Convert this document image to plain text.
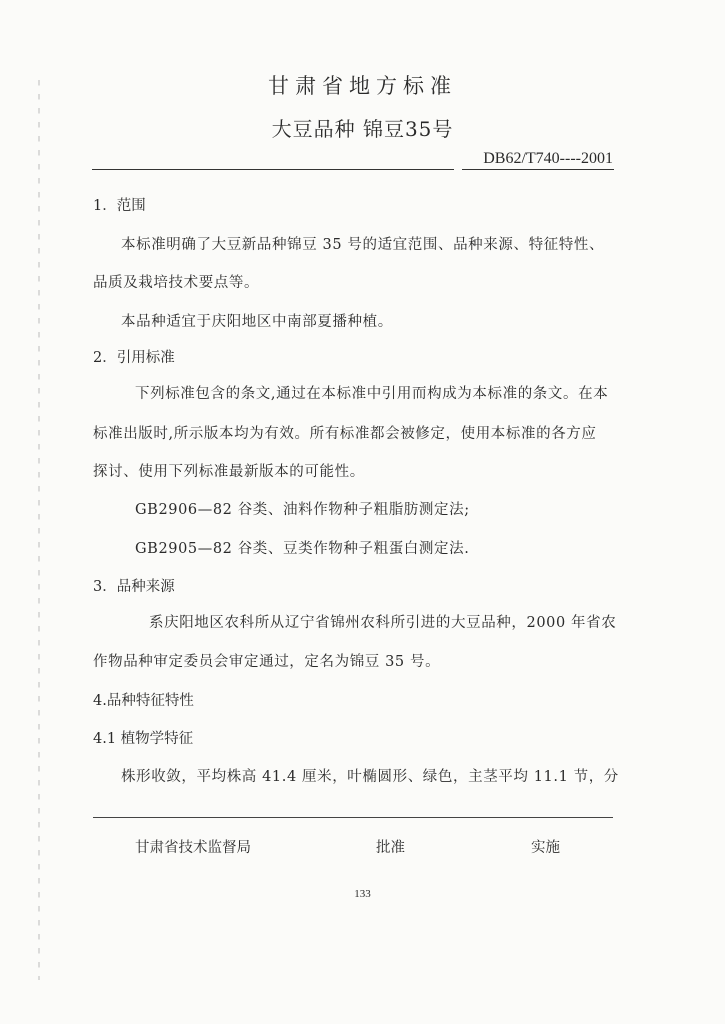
甘肃省地方标准
大豆品种 锦豆35号
DB62/T740----2001
1．范围
本标准明确了大豆新品种锦豆 35 号的适宜范围、品种来源、特征特性、
品质及栽培技术要点等。
本品种适宜于庆阳地区中南部夏播种植。
2．引用标准
下列标准包含的条文,通过在本标准中引用而构成为本标准的条文。在本
标准出版时,所示版本均为有效。所有标准都会被修定，使用本标准的各方应
探讨、使用下列标准最新版本的可能性。
GB2906—82 谷类、油料作物种子粗脂肪测定法;
GB2905—82 谷类、豆类作物种子粗蛋白测定法.
3．品种来源
系庆阳地区农科所从辽宁省锦州农科所引进的大豆品种，2000 年省农
作物品种审定委员会审定通过，定名为锦豆 35 号。
4.品种特征特性
4.1 植物学特征
株形收敛，平均株高 41.4 厘米，叶椭圆形、绿色，主茎平均 11.1 节，分
甘肃省技术监督局	批准	实施
133
